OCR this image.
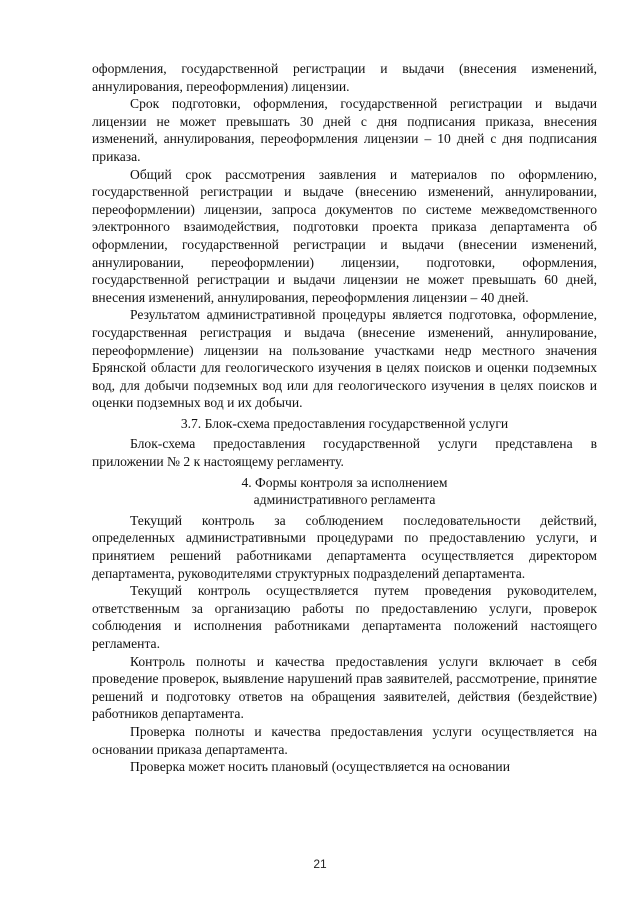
оформления, государственной регистрации и выдачи (внесения изменений, аннулирования, переоформления) лицензии.

Срок подготовки, оформления, государственной регистрации и выдачи лицензии не может превышать 30 дней с дня подписания приказа, внесения изменений, аннулирования, переоформления лицензии – 10 дней с дня подписания приказа.

Общий срок рассмотрения заявления и материалов по оформлению, государственной регистрации и выдаче (внесению изменений, аннулировании, переоформлении) лицензии, запроса документов по системе межведомственного электронного взаимодействия, подготовки проекта приказа департамента об оформлении, государственной регистрации и выдачи (внесении изменений, аннулировании, переоформлении) лицензии, подготовки, оформления, государственной регистрации и выдачи лицензии не может превышать 60 дней, внесения изменений, аннулирования, переоформления лицензии – 40 дней.

Результатом административной процедуры является подготовка, оформление, государственная регистрация и выдача (внесение изменений, аннулирование, переоформление) лицензии на пользование участками недр местного значения Брянской области для геологического изучения в целях поисков и оценки подземных вод, для добычи подземных вод или для геологического изучения в целях поисков и оценки подземных вод и их добычи.

3.7. Блок-схема предоставления государственной услуги

Блок-схема предоставления государственной услуги представлена в приложении № 2 к настоящему регламенту.

4. Формы контроля за исполнением
административного регламента

Текущий контроль за соблюдением последовательности действий, определенных административными процедурами по предоставлению услуги, и принятием решений работниками департамента осуществляется директором департамента, руководителями структурных подразделений департамента.

Текущий контроль осуществляется путем проведения руководителем, ответственным за организацию работы по предоставлению услуги, проверок соблюдения и исполнения работниками департамента положений настоящего регламента.

Контроль полноты и качества предоставления услуги включает в себя проведение проверок, выявление нарушений прав заявителей, рассмотрение, принятие решений и подготовку ответов на обращения заявителей, действия (бездействие) работников департамента.

Проверка полноты и качества предоставления услуги осуществляется на основании приказа департамента.

Проверка может носить плановый (осуществляется на основании

21
